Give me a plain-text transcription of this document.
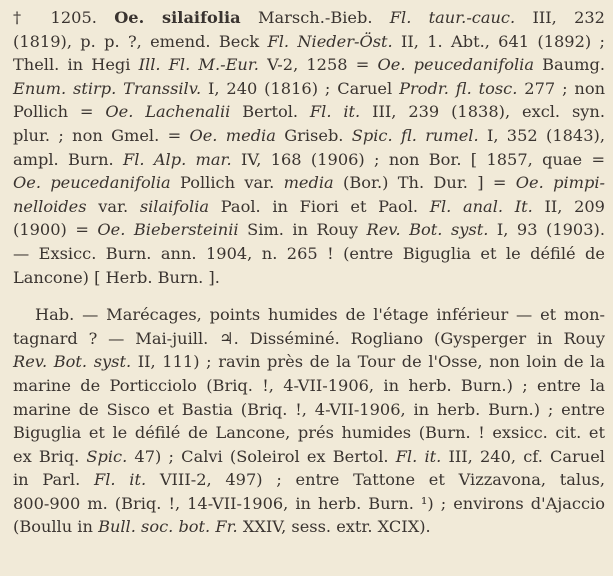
† 1205. Oe. silaifolia Marsch.-Bieb. Fl. taur.-cauc. III, 232
(1819), p. p. ?, emend. Beck Fl. Nieder-Öst. II, 1. Abt., 641 (1892) ;
Thell. in Hegi Ill. Fl. M.-Eur. V-2, 1258 = Oe. peucedanifolia Baumg.
Enum. stirp. Transsilv. I, 240 (1816) ; Caruel Prodr. fl. tosc. 277 ; non
Pollich = Oe. Lachenalii Bertol. Fl. it. III, 239 (1838), excl. syn.
plur. ; non Gmel. = Oe. media Griseb. Spic. fl. rumel. I, 352 (1843),
ampl. Burn. Fl. Alp. mar. IV, 168 (1906) ; non Bor. [ 1857, quae =
Oe. peucedanifolia Pollich var. media (Bor.) Th. Dur. ] = Oe. pimpi-
nelloides var. silaifolia Paol. in Fiori et Paol. Fl. anal. It. II, 209
(1900) = Oe. Biebersteinii Sim. in Rouy Rev. Bot. syst. I, 93 (1903).
— Exsicc. Burn. ann. 1904, n. 265 ! (entre Biguglia et le défilé de
Lancone) [ Herb. Burn. ].
Hab. — Marécages, points humides de l'étage inférieur — et mon-
tagnard ? — Mai-juill. ♃. Disséminé. Rogliano (Gysperger in Rouy
Rev. Bot. syst. II, 111) ; ravin près de la Tour de l'Osse, non loin de la
marine de Porticciolo (Briq. !, 4-VII-1906, in herb. Burn.) ; entre la
marine de Sisco et Bastia (Briq. !, 4-VII-1906, in herb. Burn.) ; entre
Biguglia et le défilé de Lancone, prés humides (Burn. ! exsicc. cit. et
ex Briq. Spic. 47) ; Calvi (Soleirol ex Bertol. Fl. it. III, 240, cf. Caruel
in Parl. Fl. it. VIII-2, 497) ; entre Tattone et Vizzavona, talus,
800-900 m. (Briq. !, 14-VII-1906, in herb. Burn. ¹) ; environs d'Ajaccio
(Boullu in Bull. soc. bot. Fr. XXIV, sess. extr. XCIX).
